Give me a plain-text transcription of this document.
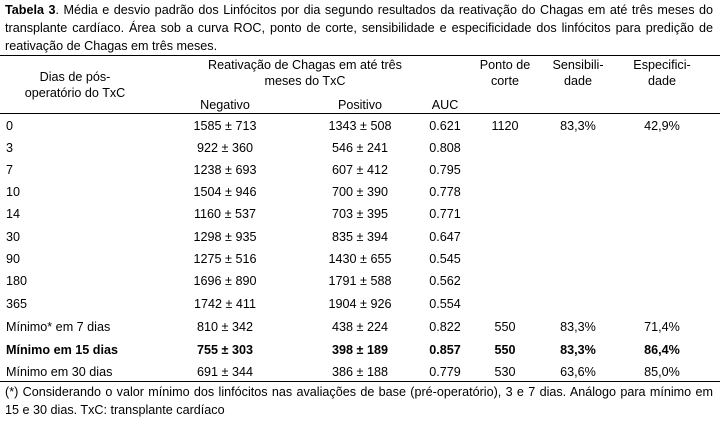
Tabela 3. Média e desvio padrão dos Linfócitos por dia segundo resultados da reativação do Chagas em até três meses do transplante cardíaco. Área sob a curva ROC, ponto de corte, sensibilidade e especificidade dos linfócitos para predição de reativação de Chagas em três meses.
Dias de pós-
operatório do TxC
Reativação de Chagas em até três
meses do TxC
Negativo	Positivo	AUC
Ponto de
corte
Sensibili-
dade
Especifici-
dade
0	1585 ± 713	1343 ± 508	0.621	1120	83,3%	42,9%
3	922 ± 360	546 ± 241	0.808
7	1238 ± 693	607 ± 412	0.795
10	1504 ± 946	700 ± 390	0.778
14	1160 ± 537	703 ± 395	0.771
30	1298 ± 935	835 ± 394	0.647
90	1275 ± 516	1430 ± 655	0.545
180	1696 ± 890	1791 ± 588	0.562
365	1742 ± 411	1904 ± 926	0.554
Mínimo* em 7 dias	810 ± 342	438 ± 224	0.822	550	83,3%	71,4%
Mínimo em 15 dias	755 ± 303	398 ± 189	0.857	550	83,3%	86,4%
Mínimo em 30 dias	691 ± 344	386 ± 188	0.779	530	63,6%	85,0%
(*) Considerando o valor mínimo dos linfócitos nas avaliações de base (pré-operatório), 3 e 7 dias. Análogo para mínimo em 15 e 30 dias. TxC: transplante cardíaco
